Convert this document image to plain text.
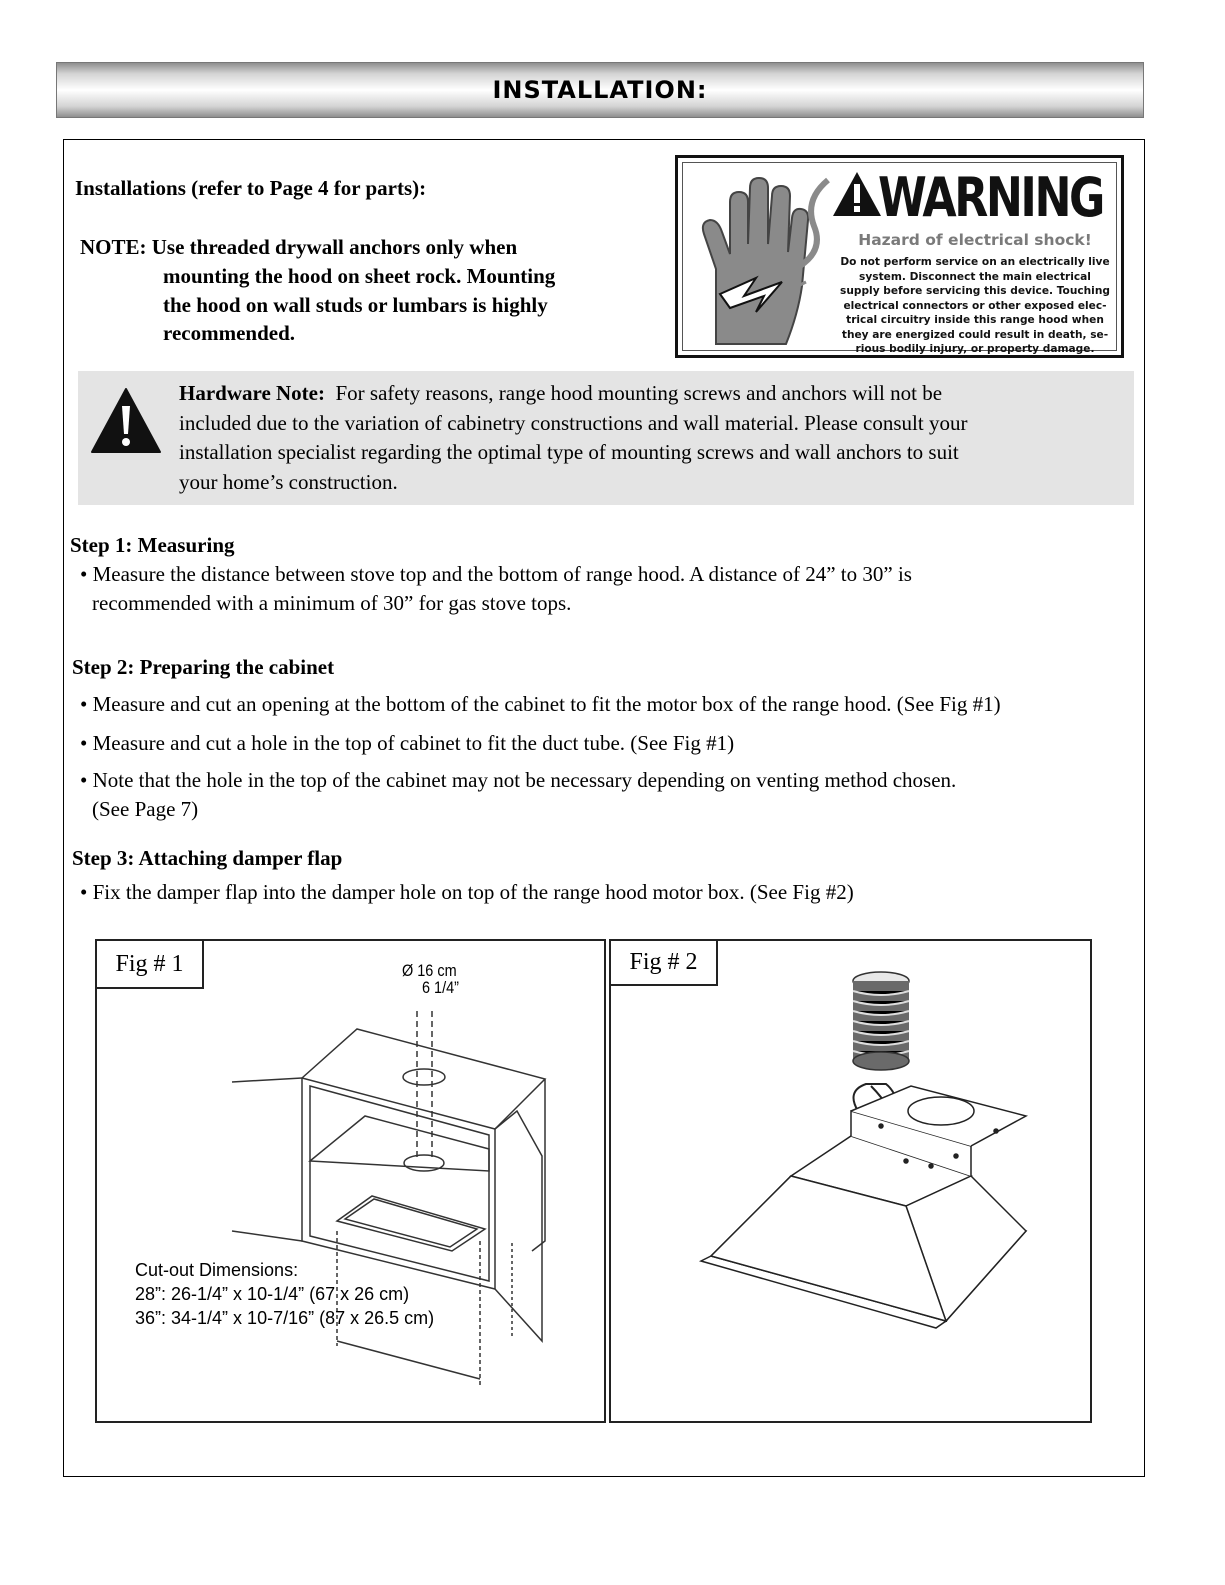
INSTALLATION:
Installations (refer to Page 4 for parts):
NOTE: Use threaded drywall anchors only when
mounting the hood on sheet rock. Mounting
the hood on wall studs or lumbars is highly
recommended.
WARNING
Hazard of electrical shock!
Do not perform service on an electrically live
system. Disconnect the main electrical
supply before servicing this device. Touching
electrical connectors or other exposed elec-
trical circuitry inside this range hood when
they are energized could result in death, se-
rious bodily injury, or property damage.
Hardware Note:  For safety reasons, range hood mounting screws and anchors will not be
included due to the variation of cabinetry constructions and wall material. Please consult your
installation specialist regarding the optimal type of mounting screws and wall anchors to suit
your home’s construction.
Step 1: Measuring
• Measure the distance between stove top and the bottom of range hood. A distance of 24” to 30” is
recommended with a minimum of 30” for gas stove tops.
Step 2: Preparing the cabinet
• Measure and cut an opening at the bottom of the cabinet to fit the motor box of the range hood. (See Fig #1)
• Measure and cut a hole in the top of cabinet to fit the duct tube. (See Fig #1)
• Note that the hole in the top of the cabinet may not be necessary depending on venting method chosen.
(See Page 7)
Step 3: Attaching damper flap
• Fix the damper flap into the damper hole on top of the range hood motor box. (See Fig #2)
Fig # 1	Ø 16 cm
6 1/4”
Cut-out Dimensions:
28”: 26-1/4” x 10-1/4” (67 x 26 cm)
36”: 34-1/4” x 10-7/16” (87 x 26.5 cm)
Fig # 2
